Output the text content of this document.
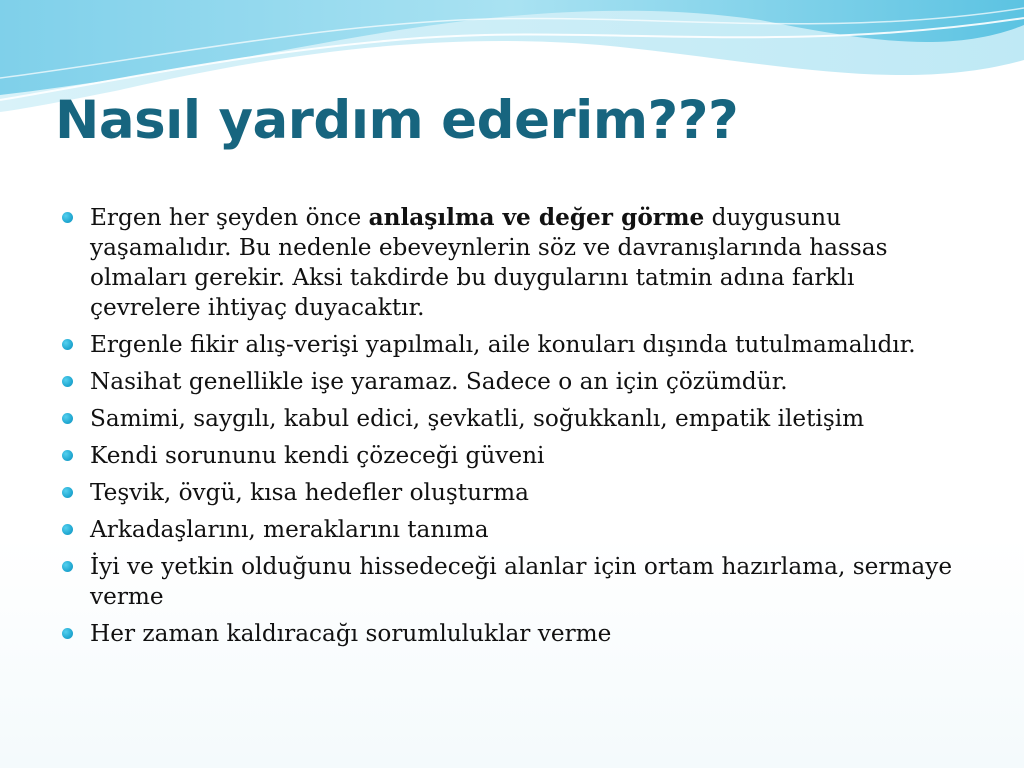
Nasıl yardım ederim???
Ergen her şeyden önce anlaşılma ve değer görme duygusunu yaşamalıdır. Bu nedenle ebeveynlerin söz ve davranışlarında hassas olmaları gerekir. Aksi takdirde bu duygularını tatmin adına farklı çevrelere ihtiyaç duyacaktır.
Ergenle fikir alış-verişi yapılmalı, aile konuları dışında tutulmamalıdır.
Nasihat genellikle işe yaramaz. Sadece o an için çözümdür.
Samimi, saygılı, kabul edici, şevkatli, soğukkanlı, empatik iletişim
Kendi sorununu kendi çözeceği güveni
Teşvik, övgü, kısa hedefler oluşturma
Arkadaşlarını, meraklarını tanıma
İyi ve yetkin olduğunu hissedeceği alanlar için ortam hazırlama, sermaye verme
Her zaman kaldıracağı sorumluluklar verme
